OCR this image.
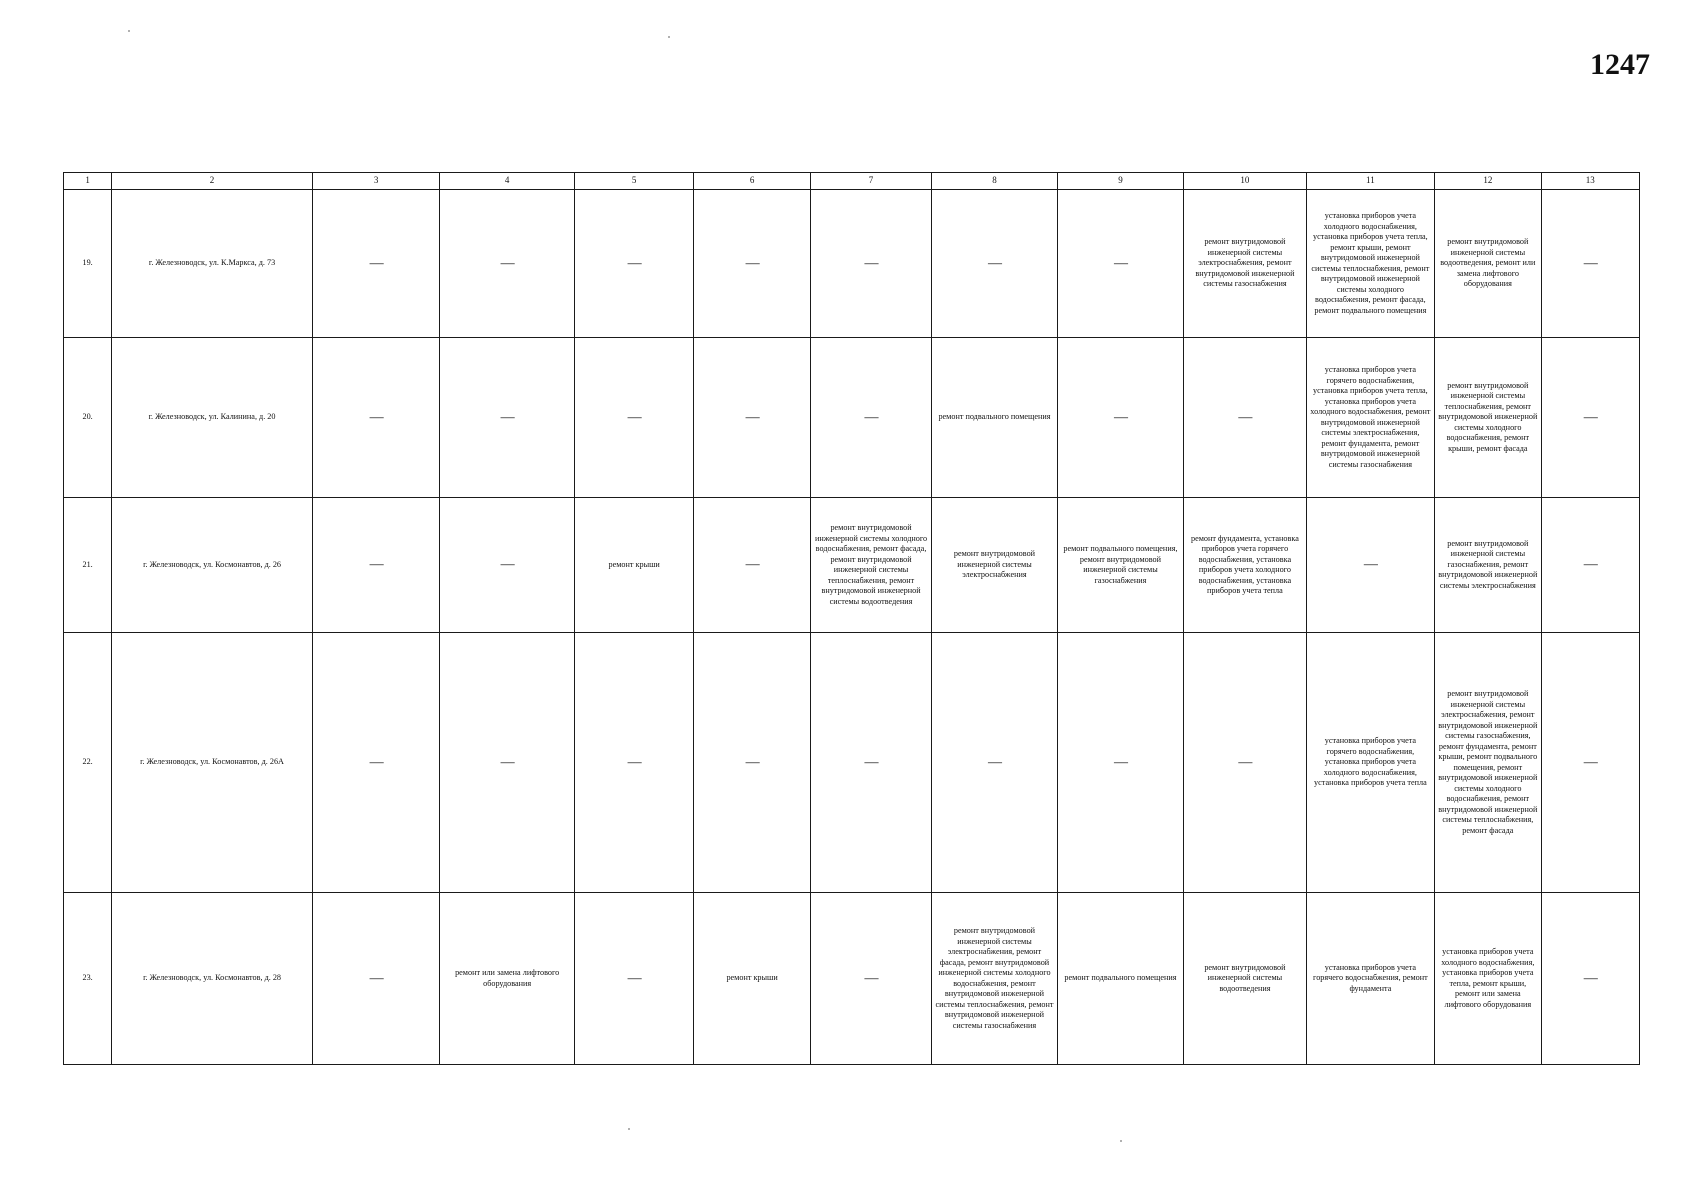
1247
1	2	3	4	5	6	7	8	9	10	11	12	13
19.	г. Железноводск, ул. К.Маркса, д. 73	—	—	—	—	—	—	—	ремонт внутридомовой инженерной системы электроснабжения, ремонт внутридомовой инженерной системы газоснабжения	установка приборов учета холодного водоснабжения, установка приборов учета тепла, ремонт крыши, ремонт внутридомовой инженерной системы теплоснабжения, ремонт внутридомовой инженерной системы холодного водоснабжения, ремонт фасада, ремонт подвального помещения	ремонт внутридомовой инженерной системы водоотведения, ремонт или замена лифтового оборудования	—
20.	г. Железноводск, ул. Калинина, д. 20	—	—	—	—	—	ремонт подвального помещения	—	—	установка приборов учета горячего водоснабжения, установка приборов учета тепла, установка приборов учета холодного водоснабжения, ремонт внутридомовой инженерной системы электроснабжения, ремонт фундамента, ремонт внутридомовой инженерной системы газоснабжения	ремонт внутридомовой инженерной системы теплоснабжения, ремонт внутридомовой инженерной системы холодного водоснабжения, ремонт крыши, ремонт фасада	—
21.	г. Железноводск, ул. Космонавтов, д. 26	—	—	ремонт крыши	—	ремонт внутридомовой инженерной системы холодного водоснабжения, ремонт фасада, ремонт внутридомовой инженерной системы теплоснабжения, ремонт внутридомовой инженерной системы водоотведения	ремонт внутридомовой инженерной системы электроснабжения	ремонт подвального помещения, ремонт внутридомовой инженерной системы газоснабжения	ремонт фундамента, установка приборов учета горячего водоснабжения, установка приборов учета холодного водоснабжения, установка приборов учета тепла	—	ремонт внутридомовой инженерной системы газоснабжения, ремонт внутридомовой инженерной системы электроснабжения	—
22.	г. Железноводск, ул. Космонавтов, д. 26А	—	—	—	—	—	—	—	—	установка приборов учета горячего водоснабжения, установка приборов учета холодного водоснабжения, установка приборов учета тепла	ремонт внутридомовой инженерной системы электроснабжения, ремонт внутридомовой инженерной системы газоснабжения, ремонт фундамента, ремонт крыши, ремонт подвального помещения, ремонт внутридомовой инженерной системы холодного водоснабжения, ремонт внутридомовой инженерной системы теплоснабжения, ремонт фасада	—
23.	г. Железноводск, ул. Космонавтов, д. 28	—	ремонт или замена лифтового оборудования	—	ремонт крыши	—	ремонт внутридомовой инженерной системы электроснабжения, ремонт фасада, ремонт внутридомовой инженерной системы холодного водоснабжения, ремонт внутридомовой инженерной системы теплоснабжения, ремонт внутридомовой инженерной системы газоснабжения	ремонт подвального помещения	ремонт внутридомовой инженерной системы водоотведения	установка приборов учета горячего водоснабжения, ремонт фундамента	установка приборов учета холодного водоснабжения, установка приборов учета тепла, ремонт крыши, ремонт или замена лифтового оборудования	—
